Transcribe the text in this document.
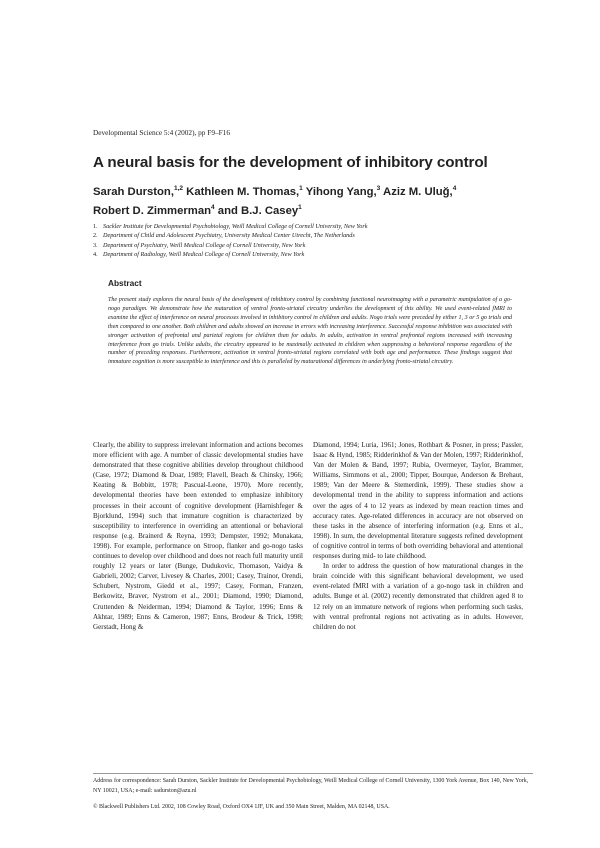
Developmental Science 5:4 (2002), pp F9–F16
A neural basis for the development of inhibitory control
Sarah Durston,$^{1,2}$ Kathleen M. Thomas,$^1$ Yihong Yang,$^3$ Aziz M. Uluğ,$^4$
Robert D. Zimmerman$^4$ and B.J. Casey$^1$
1. Sackler Institute for Developmental Psychobiology, Weill Medical College of Cornell University, New York
2. Department of Child and Adolescent Psychiatry, University Medical Center Utrecht, The Netherlands
3. Department of Psychiatry, Weill Medical College of Cornell University, New York
4. Department of Radiology, Weill Medical College of Cornell University, New York
Abstract
The present study explores the neural basis of the development of inhibitory control by combining functional neuroimaging with a parametric manipulation of a go-nogo paradigm. We demonstrate how the maturation of ventral fronto-striatal circuitry underlies the development of this ability. We used event-related fMRI to examine the effect of interference on neural processes involved in inhibitory control in children and adults. Nogo trials were preceded by either 1, 3 or 5 go trials and then compared to one another. Both children and adults showed an increase in errors with increasing interference. Successful response inhibition was associated with stronger activation of prefrontal and parietal regions for children than for adults. In adults, activation in ventral prefrontal regions increased with increasing interference from go trials. Unlike adults, the circuitry appeared to be maximally activated in children when suppressing a behavioral response regardless of the number of preceding responses. Furthermore, activation in ventral fronto-striatal regions correlated with both age and performance. These findings suggest that immature cognition is more susceptible to interference and this is paralleled by maturational differences in underlying fronto-striatal circuitry.

Clearly, the ability to suppress irrelevant information and actions becomes more efficient with age. A number of classic developmental studies have demonstrated that these cognitive abilities develop throughout childhood (Case, 1972; Diamond & Doar, 1989; Flavell, Beach & Chinsky, 1966; Keating & Bobbitt, 1978; Pascual-Leone, 1970). More recently, developmental theories have been extended to emphasize inhibitory processes in their account of cognitive development (Harnishfeger & Bjorklund, 1994) such that immature cognition is characterized by susceptibility to interference in overriding an attentional or behavioral response (e.g. Brainerd & Reyna, 1993; Dempster, 1992; Munakata, 1998). For example, performance on Stroop, flanker and go-nogo tasks continues to develop over childhood and does not reach full maturity until roughly 12 years or later (Bunge, Dudukovic, Thomason, Vaidya & Gabrieli, 2002; Carver, Livesey & Charles, 2001; Casey, Trainor, Orendi, Schubert, Nystrom, Giedd et al., 1997; Casey, Forman, Franzen, Berkowitz, Braver, Nystrom et al., 2001; Diamond, 1990; Diamond, Cruttenden & Neiderman, 1994; Diamond & Taylor, 1996; Enns & Akhtar, 1989; Enns & Cameron, 1987; Enns, Brodeur & Trick, 1998; Gerstadt, Hong &

Diamond, 1994; Luria, 1961; Jones, Rothbart & Posner, in press; Passler, Isaac & Hynd, 1985; Ridderinkhof & Van der Molen, 1997; Ridderinkhof, Van der Molen & Band, 1997; Rubia, Overmeyer, Taylor, Brammer, Williams, Simmons et al., 2000; Tipper, Bourque, Anderson & Brehaut, 1989; Van der Meere & Stemerdink, 1999). These studies show a developmental trend in the ability to suppress information and actions over the ages of 4 to 12 years as indexed by mean reaction times and accuracy rates. Age-related differences in accuracy are not observed on these tasks in the absence of interfering information (e.g. Enns et al., 1998). In sum, the developmental literature suggests refined development of cognitive control in terms of both overriding behavioral and attentional responses during mid- to late childhood.

In order to address the question of how maturational changes in the brain coincide with this significant behavioral development, we used event-related fMRI with a variation of a go-nogo task in children and adults. Bunge et al. (2002) recently demonstrated that children aged 8 to 12 rely on an immature network of regions when performing such tasks, with ventral prefrontal regions not activating as in adults. However, children do not

Address for correspondence: Sarah Durston, Sackler Institute for Developmental Psychobiology, Weill Medical College of Cornell University, 1300 York Avenue, Box 140, New York, NY 10021, USA; e-mail: sadurston@azu.nl
© Blackwell Publishers Ltd. 2002, 108 Cowley Road, Oxford OX4 1JF, UK and 350 Main Street, Malden, MA 02148, USA.
